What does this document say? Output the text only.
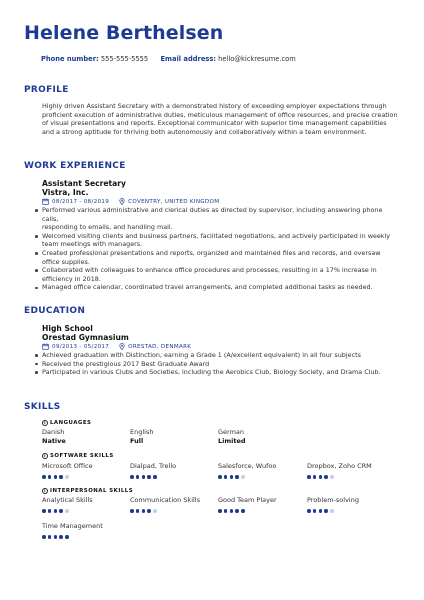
Helene Berthelsen
Phone number: 555-555-5555 Email address: hello@kickresume.com
PROFILE
Highly driven Assistant Secretary with a demonstrated history of exceeding employer expectations through
proficient execution of administrative duties, meticulous management of office resources, and precise creation
of visual presentations and reports. Exceptional communicator with superior time management capabilities
and a strong aptitude for thriving both autonomously and collaboratively within a team environment.
WORK EXPERIENCE
Assistant Secretary
Vistra, Inc.
08/2017 - 08/2019	COVENTRY, UNITED KINGDOM
Performed various administrative and clerical duties as directed by supervisor, including answering phone calls,
responding to emails, and handling mail.
Welcomed visiting clients and business partners, facilitated negotiations, and actively participated in weekly
team meetings with managers.
Created professional presentations and reports, organized and maintained files and records, and oversaw
office supplies.
Collaborated with colleagues to enhance office procedures and processes, resulting in a 17% increase in
efficiency in 2018.
Managed office calendar, coordinated travel arrangements, and completed additional tasks as needed.
EDUCATION
High School
Orestad Gymnasium
09/2013 - 05/2017	ORESTAD, DENMARK
Achieved graduation with Distinction, earning a Grade 1 (A/excellent equivalent) in all four subjects
Received the prestigious 2017 Best Graduate Award
Participated in various Clubs and Societies, including the Aerobics Club, Biology Society, and Drama Club.
SKILLS
i LANGUAGES
Danish
Native
English
Full
German
Limited
i SOFTWARE SKILLS
Microsoft Office	Dialpad, Trello	Salesforce, Wufoo	Dropbox, Zoho CRM
i INTERPERSONAL SKILLS
Analytical Skills	Communication Skills	Good Team Player	Problem-solving
Time Management
